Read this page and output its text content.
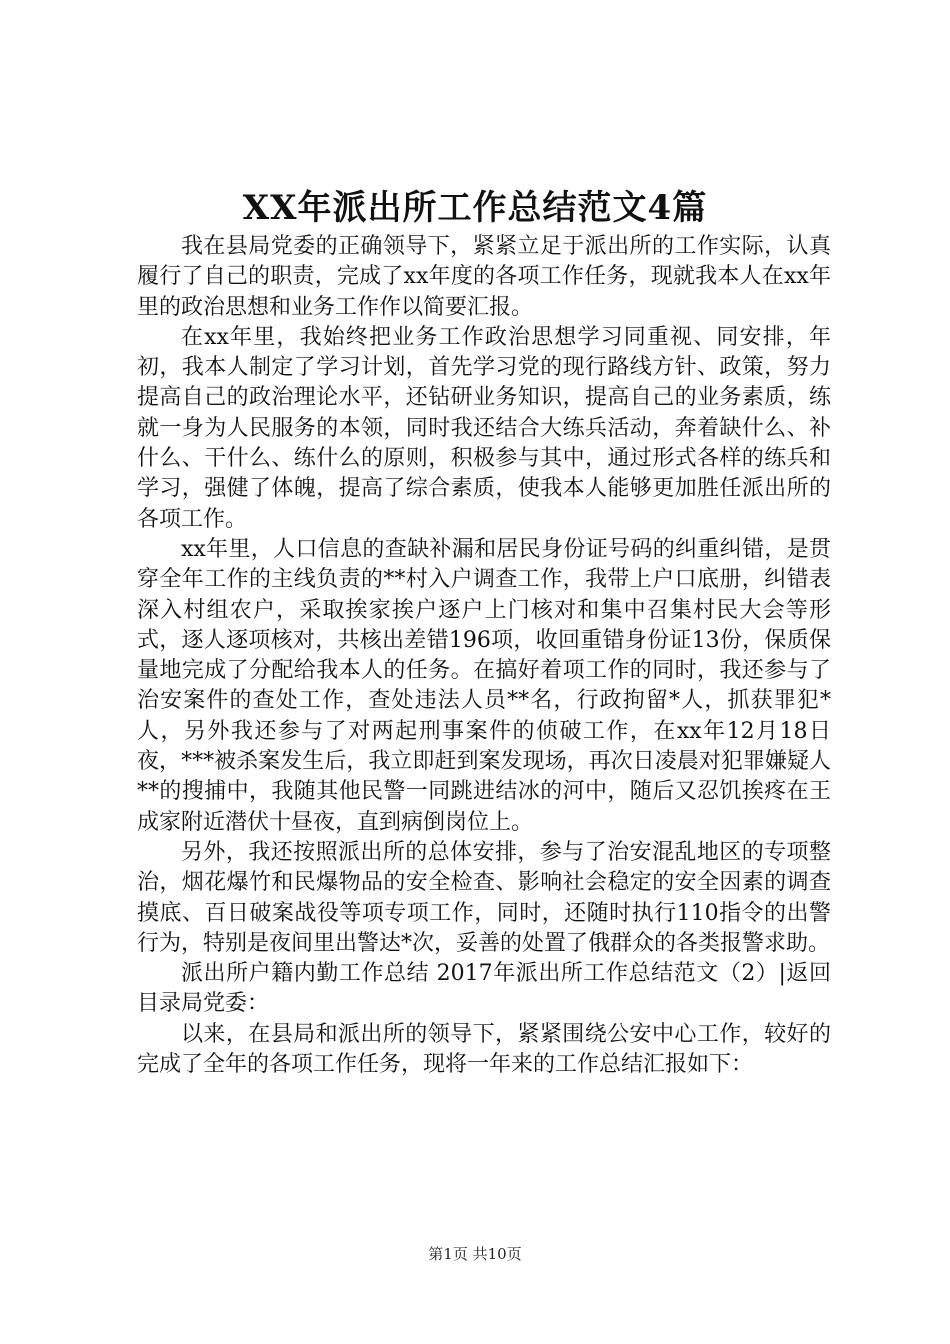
XX年派出所工作总结范文4篇

我在县局党委的正确领导下，紧紧立足于派出所的工作实际，认真履行了自己的职责，完成了xx年度的各项工作任务，现就我本人在xx年里的政治思想和业务工作作以简要汇报。

在xx年里，我始终把业务工作政治思想学习同重视、同安排，年初，我本人制定了学习计划，首先学习党的现行路线方针、政策，努力提高自己的政治理论水平，还钻研业务知识，提高自己的业务素质，练就一身为人民服务的本领，同时我还结合大练兵活动，奔着缺什么、补什么、干什么、练什么的原则，积极参与其中，通过形式各样的练兵和学习，强健了体魄，提高了综合素质，使我本人能够更加胜任派出所的各项工作。

xx年里，人口信息的查缺补漏和居民身份证号码的纠重纠错，是贯穿全年工作的主线负责的**村入户调查工作，我带上户口底册，纠错表深入村组农户，采取挨家挨户逐户上门核对和集中召集村民大会等形式，逐人逐项核对，共核出差错196项，收回重错身份证13份，保质保量地完成了分配给我本人的任务。在搞好着项工作的同时，我还参与了治安案件的查处工作，查处违法人员**名，行政拘留*人，抓获罪犯*人，另外我还参与了对两起刑事案件的侦破工作，在xx年12月18日夜，***被杀案发生后，我立即赶到案发现场，再次日凌晨对犯罪嫌疑人**的搜捕中，我随其他民警一同跳进结冰的河中，随后又忍饥挨疼在王成家附近潜伏十昼夜，直到病倒岗位上。

另外，我还按照派出所的总体安排，参与了治安混乱地区的专项整治，烟花爆竹和民爆物品的安全检查、影响社会稳定的安全因素的调查摸底、百日破案战役等项专项工作，同时，还随时执行110指令的出警行为，特别是夜间里出警达*次，妥善的处置了俄群众的各类报警求助。

派出所户籍内勤工作总结 2017年派出所工作总结范文（2）|返回目录局党委：

以来，在县局和派出所的领导下，紧紧围绕公安中心工作，较好的完成了全年的各项工作任务，现将一年来的工作总结汇报如下：

第1页 共10页
